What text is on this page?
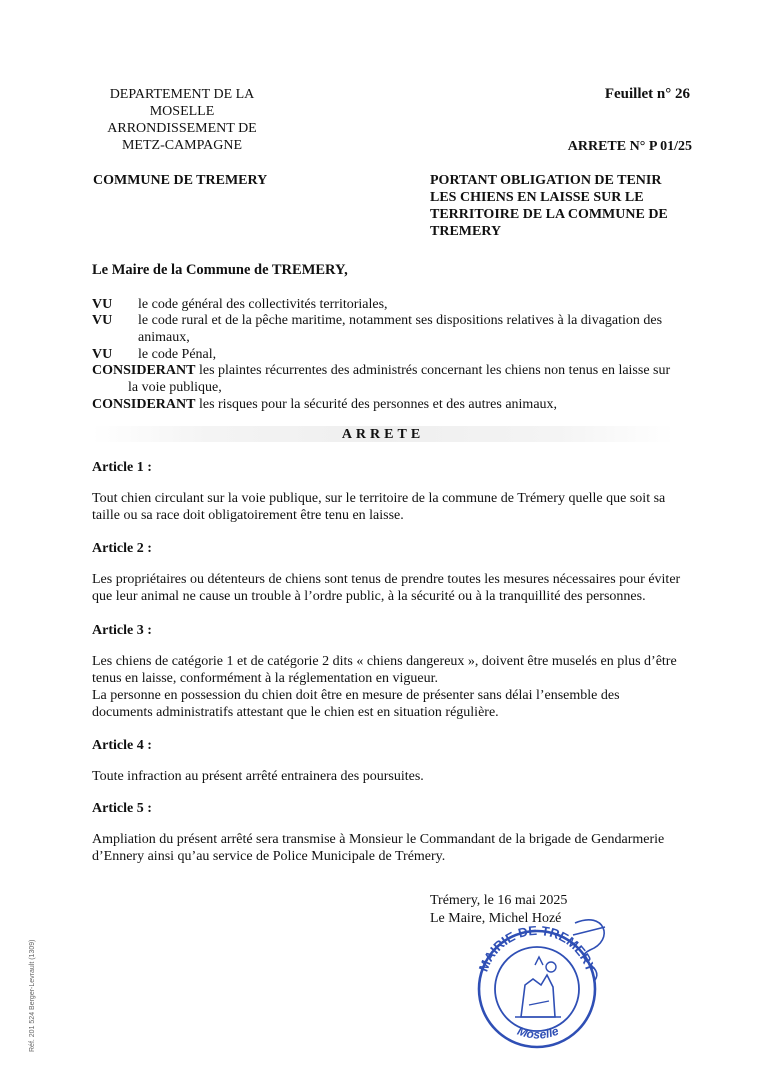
DEPARTEMENT DE LA
MOSELLE
ARRONDISSEMENT DE
METZ-CAMPAGNE
Feuillet n° 26
ARRETE N° P 01/25
COMMUNE DE TREMERY	PORTANT OBLIGATION DE TENIR
LES CHIENS EN LAISSE SUR LE
TERRITOIRE DE LA COMMUNE DE
TREMERY
Le Maire de la Commune de TREMERY,
VU le code général des collectivités territoriales,
VU le code rural et de la pêche maritime, notamment ses dispositions relatives à la divagation des animaux,
VU le code Pénal,
CONSIDERANT les plaintes récurrentes des administrés concernant les chiens non tenus en laisse sur
la voie publique,
CONSIDERANT les risques pour la sécurité des personnes et des autres animaux,
ARRETE
Article 1 :
Tout chien circulant sur la voie publique, sur le territoire de la commune de Trémery quelle que soit sa taille ou sa race doit obligatoirement être tenu en laisse.
Article 2 :
Les propriétaires ou détenteurs de chiens sont tenus de prendre toutes les mesures nécessaires pour éviter que leur animal ne cause un trouble à l’ordre public, à la sécurité ou à la tranquillité des personnes.
Article 3 :
Les chiens de catégorie 1 et de catégorie 2 dits « chiens dangereux », doivent être muselés en plus d’être tenus en laisse, conformément à la réglementation en vigueur.
La personne en possession du chien doit être en mesure de présenter sans délai l’ensemble des documents administratifs attestant que le chien est en situation régulière.
Article 4 :
Toute infraction au présent arrêté entrainera des poursuites.
Article 5 :
Ampliation du présent arrêté sera transmise à Monsieur le Commandant de la brigade de Gendarmerie d’Ennery ainsi qu’au service de Police Municipale de Trémery.
Trémery, le 16 mai 2025
Le Maire, Michel Hozé
MAIRIE DE TREMERY
Moselle
Réf. 201 524 Berger-Levrault (1309)
